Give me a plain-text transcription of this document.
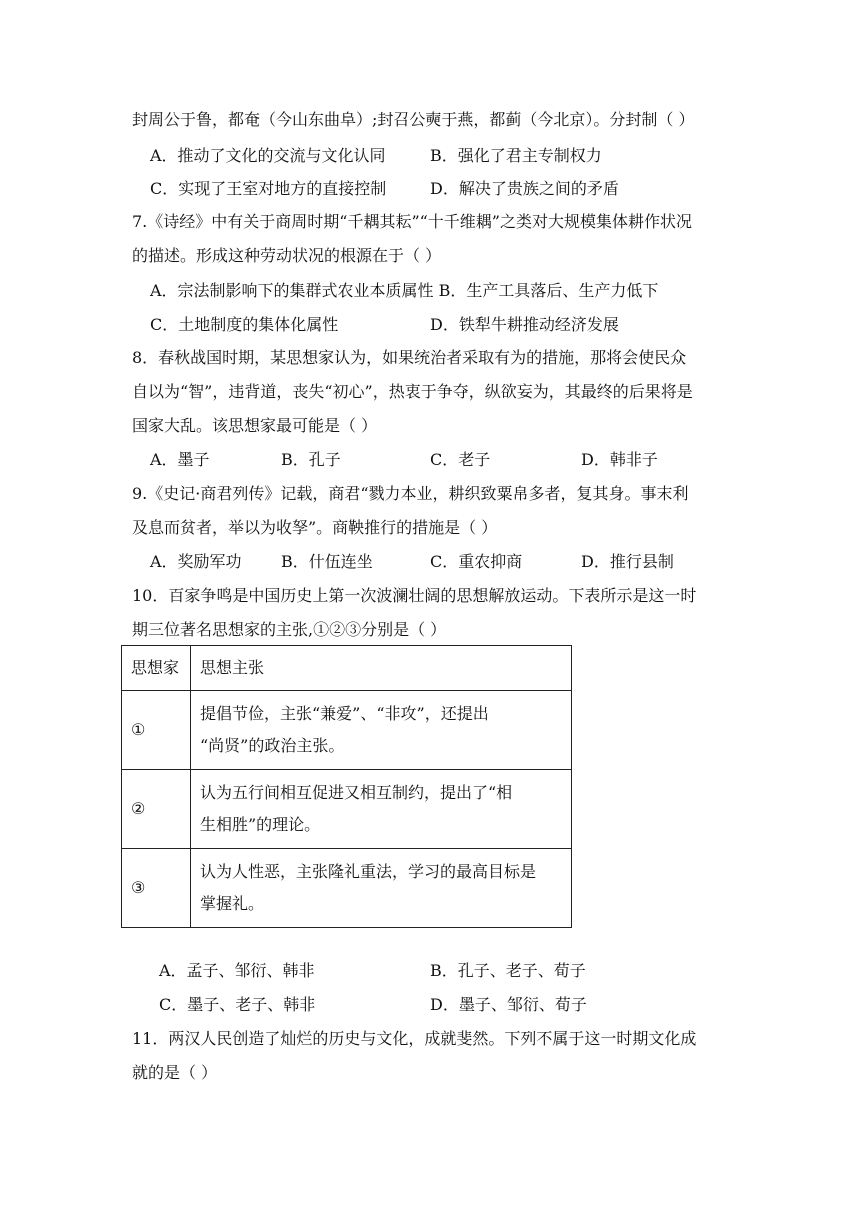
封周公于鲁，都奄（今山东曲阜）;封召公奭于燕，都蓟（今北京）。分封制（ ）
A．推动了文化的交流与文化认同	B．强化了君主专制权力
C．实现了王室对地方的直接控制	D．解决了贵族之间的矛盾
7.《诗经》中有关于商周时期“千耦其耘”“十千维耦”之类对大规模集体耕作状况
的描述。形成这种劳动状况的根源在于（ ）
A．宗法制影响下的集群式农业本质属性 B．生产工具落后、生产力低下
C．土地制度的集体化属性	D．铁犁牛耕推动经济发展
8．春秋战国时期，某思想家认为，如果统治者采取有为的措施，那将会使民众
自以为“智”，违背道，丧失“初心”，热衷于争夺，纵欲妄为，其最终的后果将是
国家大乱。该思想家最可能是（ ）
A．墨子	B．孔子	C．老子	D．韩非子
9.《史记·商君列传》记载，商君“戮力本业，耕织致粟帛多者，复其身。事末利
及息而贫者，举以为收孥”。商鞅推行的措施是（ ）
A．奖励军功 B．什伍连坐	C．重农抑商	D．推行县制
10．百家争鸣是中国历史上第一次波澜壮阔的思想解放运动。下表所示是这一时
期三位著名思想家的主张,①②③分别是（ ）
思想家	思想主张
①	提倡节俭，主张“兼爱”、“非攻”，还提出
“尚贤”的政治主张。

②	认为五行间相互促进又相互制约，提出了“相
生相胜”的理论。

③	认为人性恶，主张隆礼重法，学习的最高目标是
掌握礼。
A．孟子、邹衍、韩非	B．孔子、老子、荀子
C．墨子、老子、韩非	D．墨子、邹衍、荀子
11．两汉人民创造了灿烂的历史与文化，成就斐然。下列不属于这一时期文化成
就的是（ ）
